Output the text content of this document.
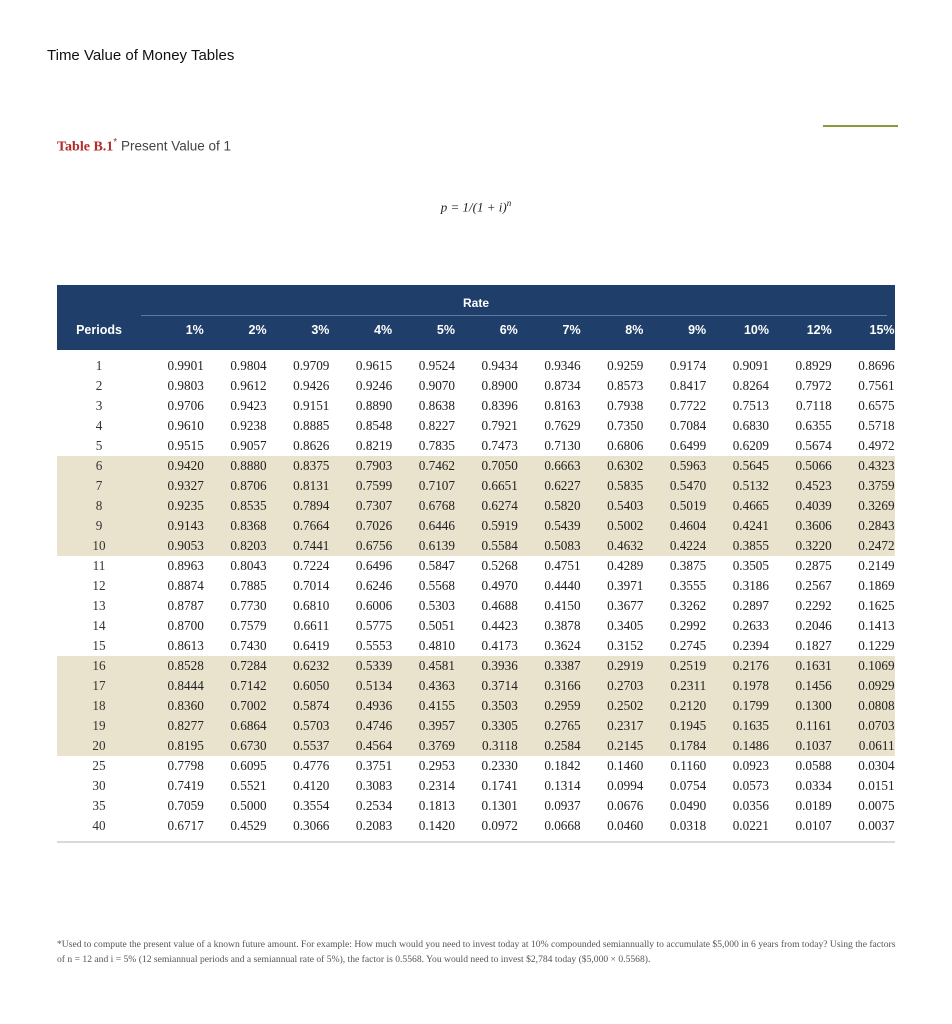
Time Value of Money Tables
Table B.1* Present Value of 1
$p = 1/(1 + i)^n$
Rate
Periods	1%	2%	3%	4%	5%	6%	7%	8%	9%	10%	12%	15%
1	0.9901	0.9804	0.9709	0.9615	0.9524	0.9434	0.9346	0.9259	0.9174	0.9091	0.8929	0.8696
2	0.9803	0.9612	0.9426	0.9246	0.9070	0.8900	0.8734	0.8573	0.8417	0.8264	0.7972	0.7561
3	0.9706	0.9423	0.9151	0.8890	0.8638	0.8396	0.8163	0.7938	0.7722	0.7513	0.7118	0.6575
4	0.9610	0.9238	0.8885	0.8548	0.8227	0.7921	0.7629	0.7350	0.7084	0.6830	0.6355	0.5718
5	0.9515	0.9057	0.8626	0.8219	0.7835	0.7473	0.7130	0.6806	0.6499	0.6209	0.5674	0.4972
6	0.9420	0.8880	0.8375	0.7903	0.7462	0.7050	0.6663	0.6302	0.5963	0.5645	0.5066	0.4323
7	0.9327	0.8706	0.8131	0.7599	0.7107	0.6651	0.6227	0.5835	0.5470	0.5132	0.4523	0.3759
8	0.9235	0.8535	0.7894	0.7307	0.6768	0.6274	0.5820	0.5403	0.5019	0.4665	0.4039	0.3269
9	0.9143	0.8368	0.7664	0.7026	0.6446	0.5919	0.5439	0.5002	0.4604	0.4241	0.3606	0.2843
10	0.9053	0.8203	0.7441	0.6756	0.6139	0.5584	0.5083	0.4632	0.4224	0.3855	0.3220	0.2472
11	0.8963	0.8043	0.7224	0.6496	0.5847	0.5268	0.4751	0.4289	0.3875	0.3505	0.2875	0.2149
12	0.8874	0.7885	0.7014	0.6246	0.5568	0.4970	0.4440	0.3971	0.3555	0.3186	0.2567	0.1869
13	0.8787	0.7730	0.6810	0.6006	0.5303	0.4688	0.4150	0.3677	0.3262	0.2897	0.2292	0.1625
14	0.8700	0.7579	0.6611	0.5775	0.5051	0.4423	0.3878	0.3405	0.2992	0.2633	0.2046	0.1413
15	0.8613	0.7430	0.6419	0.5553	0.4810	0.4173	0.3624	0.3152	0.2745	0.2394	0.1827	0.1229
16	0.8528	0.7284	0.6232	0.5339	0.4581	0.3936	0.3387	0.2919	0.2519	0.2176	0.1631	0.1069
17	0.8444	0.7142	0.6050	0.5134	0.4363	0.3714	0.3166	0.2703	0.2311	0.1978	0.1456	0.0929
18	0.8360	0.7002	0.5874	0.4936	0.4155	0.3503	0.2959	0.2502	0.2120	0.1799	0.1300	0.0808
19	0.8277	0.6864	0.5703	0.4746	0.3957	0.3305	0.2765	0.2317	0.1945	0.1635	0.1161	0.0703
20	0.8195	0.6730	0.5537	0.4564	0.3769	0.3118	0.2584	0.2145	0.1784	0.1486	0.1037	0.0611
25	0.7798	0.6095	0.4776	0.3751	0.2953	0.2330	0.1842	0.1460	0.1160	0.0923	0.0588	0.0304
30	0.7419	0.5521	0.4120	0.3083	0.2314	0.1741	0.1314	0.0994	0.0754	0.0573	0.0334	0.0151
35	0.7059	0.5000	0.3554	0.2534	0.1813	0.1301	0.0937	0.0676	0.0490	0.0356	0.0189	0.0075
40	0.6717	0.4529	0.3066	0.2083	0.1420	0.0972	0.0668	0.0460	0.0318	0.0221	0.0107	0.0037
*Used to compute the present value of a known future amount. For example: How much would you need to invest today at 10% compounded semiannually to accumulate $5,000 in 6 years from today? Using the factors of n = 12 and i = 5% (12 semiannual periods and a semiannual rate of 5%), the factor is 0.5568. You would need to invest $2,784 today ($5,000 × 0.5568).
